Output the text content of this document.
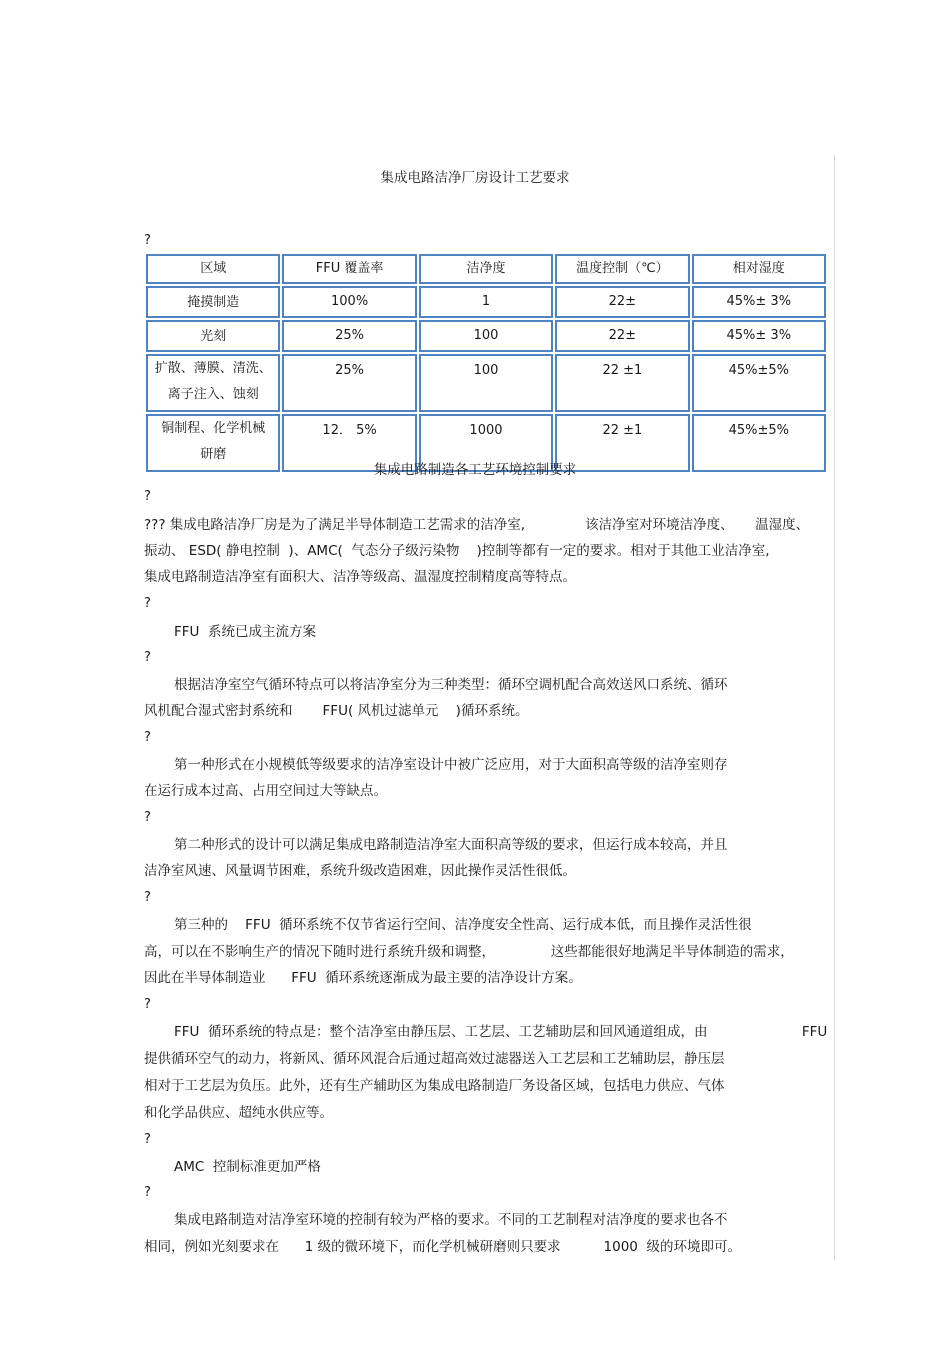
集成电路洁净厂房设计工艺要求
?
区域	FFU 覆盖率	洁净度	温度控制（℃）	相对湿度
掩摸制造	100%	1	22±	45%± 3%
光刻	25%	100	22±	45%± 3%

扩散、薄膜、清洗、
离子注入、蚀刻	25%	100	22 ±1	45%±5%

铜制程、化学机械
研磨	12． 5%	1000	22 ±1	45%±5%
集成电路制造各工艺环境控制要求
?
??? 集成电路洁净厂房是为了满足半导体制造工艺需求的洁净室,              该洁净室对环境洁净度、     温湿度、
振动、 ESD( 静电控制  )、AMC(  气态分子级污染物    )控制等都有一定的要求。相对于其他工业洁净室,
集成电路制造洁净室有面积大、洁净等级高、温湿度控制精度高等特点。
?
FFU  系统已成主流方案
?
根据洁净室空气循环特点可以将洁净室分为三种类型：循环空调机配合高效送风口系统、循环
风机配合湿式密封系统和       FFU( 风机过滤单元    )循环系统。
?
第一种形式在小规模低等级要求的洁净室设计中被广泛应用，对于大面积高等级的洁净室则存
在运行成本过高、占用空间过大等缺点。
?
第二种形式的设计可以满足集成电路制造洁净室大面积高等级的要求，但运行成本较高，并且
洁净室风速、风量调节困难，系统升级改造困难，因此操作灵活性很低。
?
第三种的    FFU  循环系统不仅节省运行空间、洁净度安全性高、运行成本低，而且操作灵活性很
高，可以在不影响生产的情况下随时进行系统升级和调整，             这些都能很好地满足半导体制造的需求，
因此在半导体制造业      FFU  循环系统逐渐成为最主要的洁净设计方案。
?
FFU  循环系统的特点是：整个洁净室由静压层、工艺层、工艺辅助层和回风通道组成，由                      FFU
提供循环空气的动力，将新风、循环风混合后通过超高效过滤器送入工艺层和工艺辅助层，静压层
相对于工艺层为负压。此外，还有生产辅助区为集成电路制造厂务设备区域，包括电力供应、气体
和化学品供应、超纯水供应等。
?
AMC  控制标准更加严格
?
集成电路制造对洁净室环境的控制有较为严格的要求。不同的工艺制程对洁净度的要求也各不
相同，例如光刻要求在      1 级的微环境下，而化学机械研磨则只要求          1000  级的环境即可。
